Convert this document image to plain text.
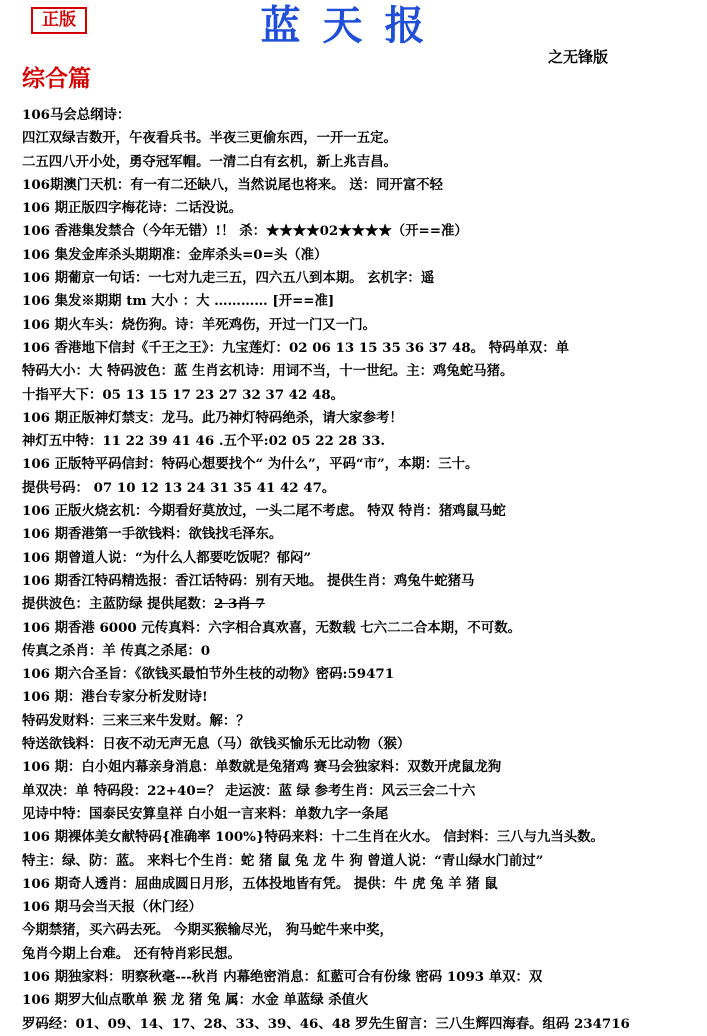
正版	蓝天报
之无锋版
综合篇
106马会总纲诗：
四江双绿吉数开，午夜看兵书。半夜三更偷东西，一开一五定。
二五四八开小处，勇夺冠军帽。一清二白有玄机，新上兆吉昌。
106期澳门天机：有一有二还缺八，当然说尾也将来。 送：同开富不轻
106 期正版四字梅花诗：二话没说。
106 香港集发禁合（今年无错）!！ 杀：★★★★02★★★★（开==准）
106 集发金库杀头期期准：金库杀头=0=头（准）
106 期葡京一句话：一七对九走三五，四六五八到本期。 玄机字：遥
106 集发※期期 tm 大小 ：大 ………… [开==准]
106 期火车头：烧伤狗。诗：羊死鸡伤，开过一门又一门。
106 香港地下信封《千王之王》：九宝莲灯：02 06 13 15 35 36 37 48。 特码单双：单
特码大小：大 特码波色：蓝 生肖玄机诗：用词不当，十一世纪。主：鸡兔蛇马猪。
十指平大下：05 13 15 17 23 27 32 37 42 48。
106 期正版神灯禁支：龙马。此乃神灯特码绝杀，请大家参考！
神灯五中特：11 22 39 41 46 .五个平:02 05 22 28 33.
106 正版特平码信封：特码心想要找个“ 为什么”，平码“市”，本期：三十。
提供号码： 07 10 12 13 24 31 35 41 42 47。
106 正版火烧玄机：今期看好莫放过，一头二尾不考虑。 特双 特肖：猪鸡鼠马蛇
106 期香港第一手欲钱料：欲钱找毛泽东。
106 期曾道人说：“为什么人都要吃饭呢？郁闷”
106 期香江特码精选报：香江话特码：别有天地。 提供生肖：鸡兔牛蛇猪马
提供波色：主蓝防绿 提供尾数：2 3肖 7
106 期香港 6000 元传真料：六字相合真欢喜，无数载 七六二二合本期，不可数。
传真之杀肖：羊 传真之杀尾：0
106 期六合圣旨：《欲钱买最怕节外生枝的动物》密码:59471
106 期：港台专家分析发财诗!
特码发财料：三来三来牛发财。解：？
特送欲钱料：日夜不动无声无息（马）欲钱买愉乐无比动物（猴）
106 期：白小姐内幕亲身消息：单数就是兔猪鸡 赛马会独家料：双数开虎鼠龙狗
单双决：单 特码段：22+40=？ 走运波：蓝 绿 参考生肖：风云三会二十六
见诗中特：国泰民安算皇祥 白小姐一言来料：单数九字一条尾
106 期裸体美女献特码{准确率 100%}特码来料：十二生肖在火水。 信封料：三八与九当头数。
特主：绿、防：蓝。 来料七个生肖：蛇 猪 鼠 兔 龙 牛 狗 曾道人说：“青山绿水门前过”
106 期奇人透肖：屈曲成圆日月形，五体投地皆有凭。 提供：牛 虎 兔 羊 猪 鼠
106 期马会当天报（休门经）
今期禁猪，买六码去死。 今期买猴输尽光， 狗马蛇牛来中奖，
兔肖今期上台难。 还有特肖彩民想。
106 期独家料：明察秋毫---秋肖 内幕绝密消息：紅藍可合有份缘 密码 1093 单双：双
106 期罗大仙点歌单 猴 龙 猪 兔 属：水金 单蓝绿 杀值火
罗码经：01、09、14、17、28、33、39、46、48 罗先生留言：三八生辉四海春。组码 234716
